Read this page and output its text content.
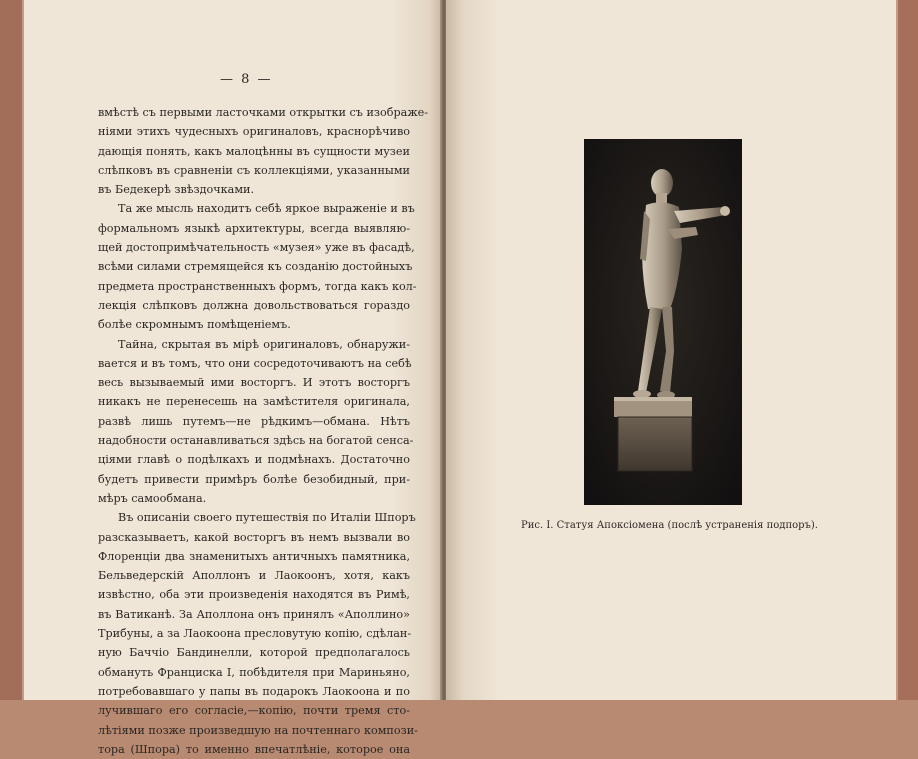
— 8 —
вмѣстѣ съ первыми ласточками открытки съ изображе-
ніями этихъ чудесныхъ оригиналовъ, краснорѣчиво
дающія понять, какъ малоцѣнны въ сущности музеи
слѣпковъ въ сравненіи съ коллекціями, указанными
въ Бедекерѣ звѣздочками.
Та же мысль находитъ себѣ яркое выраженіе и въ
формальномъ языкѣ архитектуры, всегда выявляю-
щей достопримѣчательность «музея» уже въ фасадѣ,
всѣми силами стремящейся къ созданію достойныхъ
предмета пространственныхъ формъ, тогда какъ кол-
лекція слѣпковъ должна довольствоваться гораздо
болѣе скромнымъ помѣщеніемъ.
Тайна, скрытая въ мірѣ оригиналовъ, обнаружи-
вается и въ томъ, что они сосредоточиваютъ на себѣ
весь вызываемый ими восторгъ. И этотъ восторгъ
никакъ не перенесешь на замѣстителя оригинала,
развѣ лишь путемъ—не рѣдкимъ—обмана. Нѣтъ
надобности останавливаться здѣсь на богатой сенса-
ціями главѣ о подѣлкахъ и подмѣнахъ. Достаточно
будетъ привести примѣръ болѣе безобидный, при-
мѣръ самообмана.
Въ описаніи своего путешествія по Италіи Шпоръ
разсказываетъ, какой восторгъ въ немъ вызвали во
Флоренціи два знаменитыхъ античныхъ памятника,
Бельведерскій Аполлонъ и Лаокоонъ, хотя, какъ
извѣстно, оба эти произведенія находятся въ Римѣ,
въ Ватиканѣ. За Аполлона онъ принялъ «Аполлино»
Трибуны, а за Лаокоона пресловутую копію, сдѣлан-
ную Баччіо Бандинелли, которой предполагалось
обмануть Франциска I, побѣдителя при Мариньяно,
потребовавшаго у папы въ подарокъ Лаокоона и по
лучившаго его согласіе,—копію, почти тремя сто-
лѣтіями позже произведшую на почтеннаго компози-
тора (Шпора) то именно впечатлѣніе, которое она
Рис. I. Статуя Апоксіомена (послѣ устраненія подпоръ).
